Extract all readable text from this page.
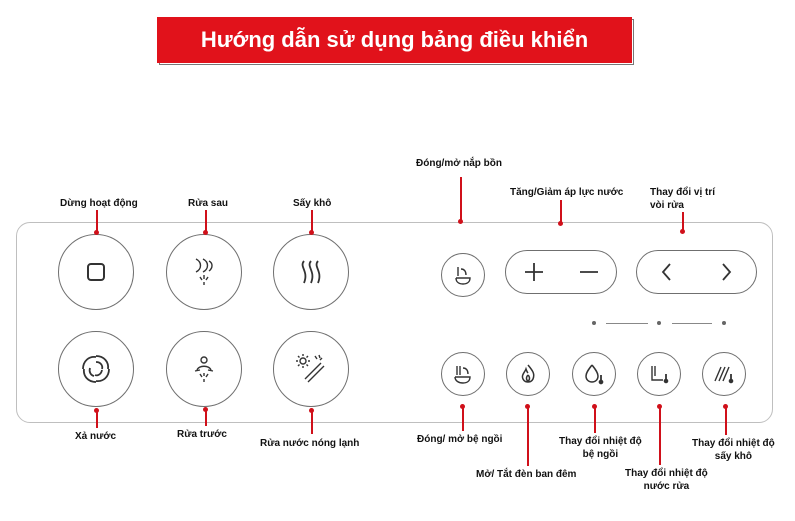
Hướng dẫn sử dụng bảng điều khiển
Dừng hoạt động	Rửa sau	Sấy khô
Đóng/mở nắp bồn
Tăng/Giảm áp lực nước	Thay đổi vị trí
vòi rửa
Xả nước	Rửa trước
Rửa nước nóng lạnh	Đóng/ mở bệ ngồi
Mở/ Tắt đèn ban đêm
Thay đổi nhiệt độ
bệ ngồi
Thay đổi nhiệt độ
nước rửa
Thay đổi nhiệt độ
sấy khô
